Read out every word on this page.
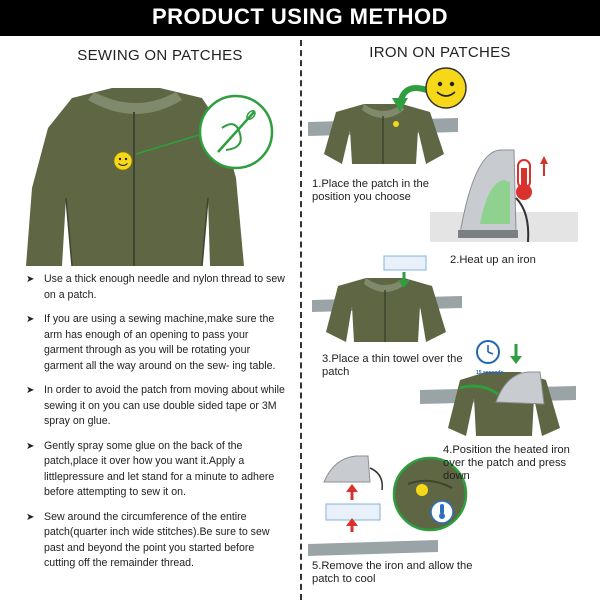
PRODUCT USING METHOD
SEWING ON PATCHES	IRON ON PATCHES
➤ Use a thick enough needle and nylon thread to sew on a patch.
➤ If you are using a sewing machine,make sure the arm has enough of an opening to pass your garment through as you will be rotating your garment all the way around on the sew- ing table.
➤ In order to avoid the patch from moving about while sewing it on you can use double sided tape or 3M spray on glue.
➤ Gently spray some glue on the back of the patch,place it over how you want it.Apply a littlepressure and let stand for a minute to adhere before attempting to sew it on.
➤ Sew around the circumference of the entire patch(quarter inch wide stitches).Be sure to sew past and beyond the point you started before cutting off the remainder thread.
15 seconds
1.Place the patch in the position you choose
2.Heat up an iron
3.Place a thin towel over the patch
4.Position the heated iron over the patch and press down
5.Remove the iron and allow the patch to cool
